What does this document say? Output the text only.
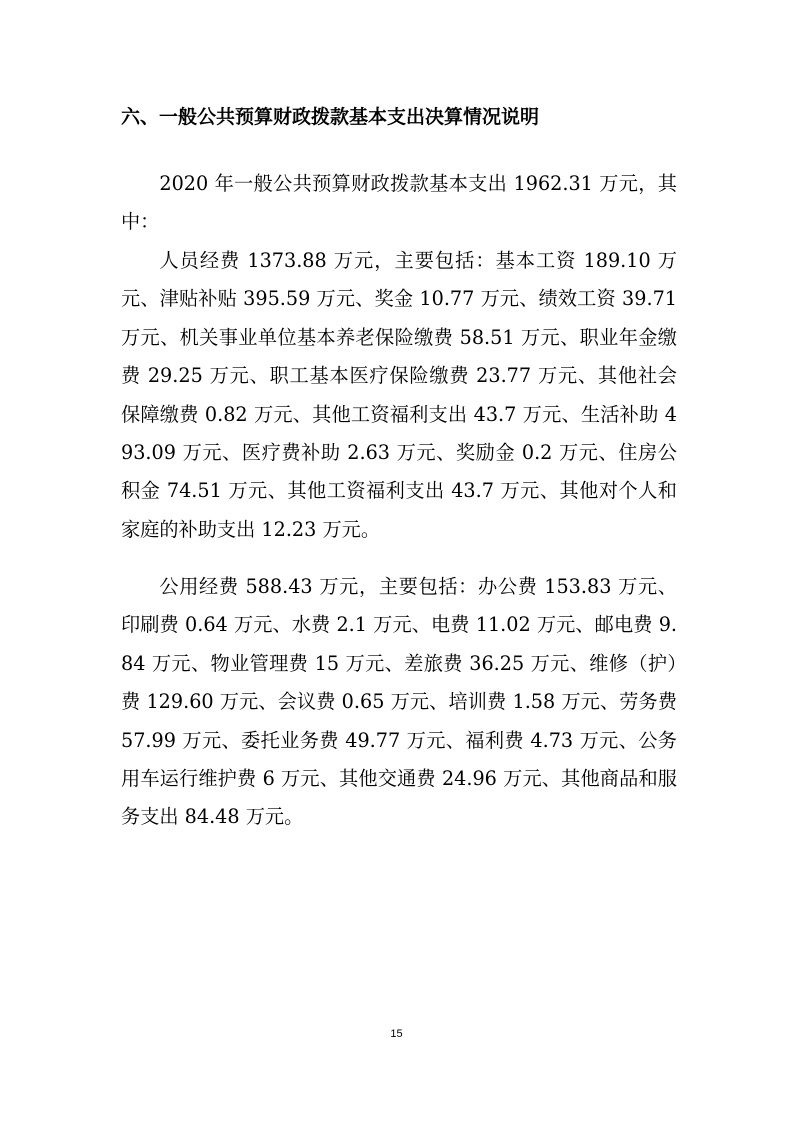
六、一般公共预算财政拨款基本支出决算情况说明

2020 年一般公共预算财政拨款基本支出 1962.31 万元，其中：

人员经费 1373.88 万元，主要包括：基本工资 189.10 万元、津贴补贴 395.59 万元、奖金 10.77 万元、绩效工资 39.71 万元、机关事业单位基本养老保险缴费 58.51 万元、职业年金缴费 29.25 万元、职工基本医疗保险缴费 23.77 万元、其他社会保障缴费 0.82 万元、其他工资福利支出 43.7 万元、生活补助 493.09 万元、医疗费补助 2.63 万元、奖励金 0.2 万元、住房公积金 74.51 万元、其他工资福利支出 43.7 万元、其他对个人和家庭的补助支出 12.23 万元。

公用经费 588.43 万元，主要包括：办公费 153.83 万元、印刷费 0.64 万元、水费 2.1 万元、电费 11.02 万元、邮电费 9.84 万元、物业管理费 15 万元、差旅费 36.25 万元、维修（护）费 129.60 万元、会议费 0.65 万元、培训费 1.58 万元、劳务费 57.99 万元、委托业务费 49.77 万元、福利费 4.73 万元、公务用车运行维护费 6 万元、其他交通费 24.96 万元、其他商品和服务支出 84.48 万元。

15
